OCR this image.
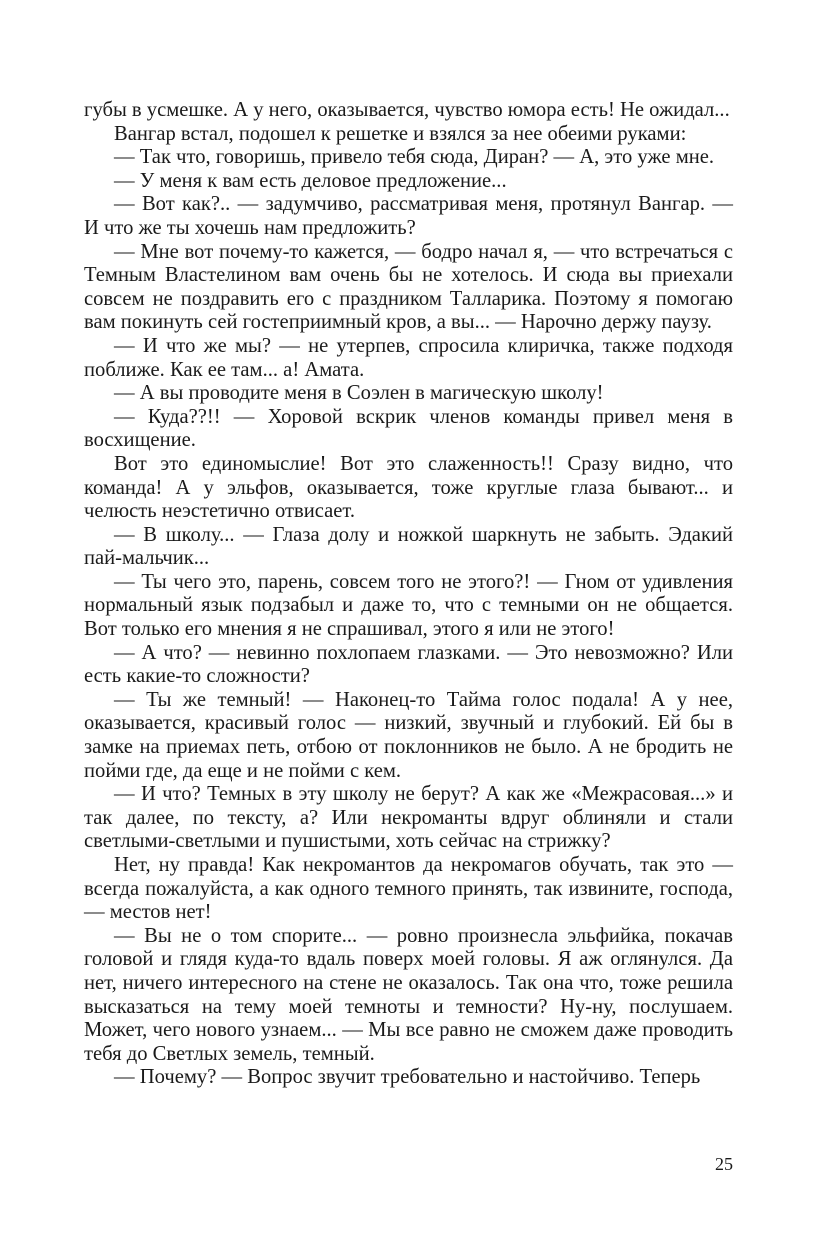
губы в усмешке. А у него, оказывается, чувство юмора есть! Не ожидал...

Вангар встал, подошел к решетке и взялся за нее обеими руками:

— Так что, говоришь, привело тебя сюда, Диран? — А, это уже мне.

— У меня к вам есть деловое предложение...

— Вот как?.. — задумчиво, рассматривая меня, протянул Вангар. — И что же ты хочешь нам предложить?

— Мне вот почему-то кажется, — бодро начал я, — что встречаться с Темным Властелином вам очень бы не хотелось. И сюда вы приехали совсем не поздравить его с праздником Талларика. Поэтому я помогаю вам покинуть сей гостеприимный кров, а вы... — Нарочно держу паузу.

— И что же мы? — не утерпев, спросила клиричка, также подходя поближе. Как ее там... а! Амата.

— А вы проводите меня в Соэлен в магическую школу!

— Куда??!! — Хоровой вскрик членов команды привел меня в восхищение.

Вот это единомыслие! Вот это слаженность!! Сразу видно, что команда! А у эльфов, оказывается, тоже круглые глаза бывают... и челюсть неэстетично отвисает.

— В школу... — Глаза долу и ножкой шаркнуть не забыть. Эдакий пай-мальчик...

— Ты чего это, парень, совсем того не этого?! — Гном от удивления нормальный язык подзабыл и даже то, что с темными он не общается. Вот только его мнения я не спрашивал, этого я или не этого!

— А что? — невинно похлопаем глазками. — Это невозможно? Или есть какие-то сложности?

— Ты же темный! — Наконец-то Тайма голос подала! А у нее, оказывается, красивый голос — низкий, звучный и глубокий. Ей бы в замке на приемах петь, отбою от поклонников не было. А не бродить не пойми где, да еще и не пойми с кем.

— И что? Темных в эту школу не берут? А как же «Межрасовая...» и так далее, по тексту, а? Или некроманты вдруг облиняли и стали светлыми-светлыми и пушистыми, хоть сейчас на стрижку?

Нет, ну правда! Как некромантов да некромагов обучать, так это — всегда пожалуйста, а как одного темного принять, так извините, господа, — местов нет!

— Вы не о том спорите... — ровно произнесла эльфийка, покачав головой и глядя куда-то вдаль поверх моей головы. Я аж оглянулся. Да нет, ничего интересного на стене не оказалось. Так она что, тоже решила высказаться на тему моей темноты и темности? Ну-ну, послушаем. Может, чего нового узнаем... — Мы все равно не сможем даже проводить тебя до Светлых земель, темный.

— Почему? — Вопрос звучит требовательно и настойчиво. Теперь

25
